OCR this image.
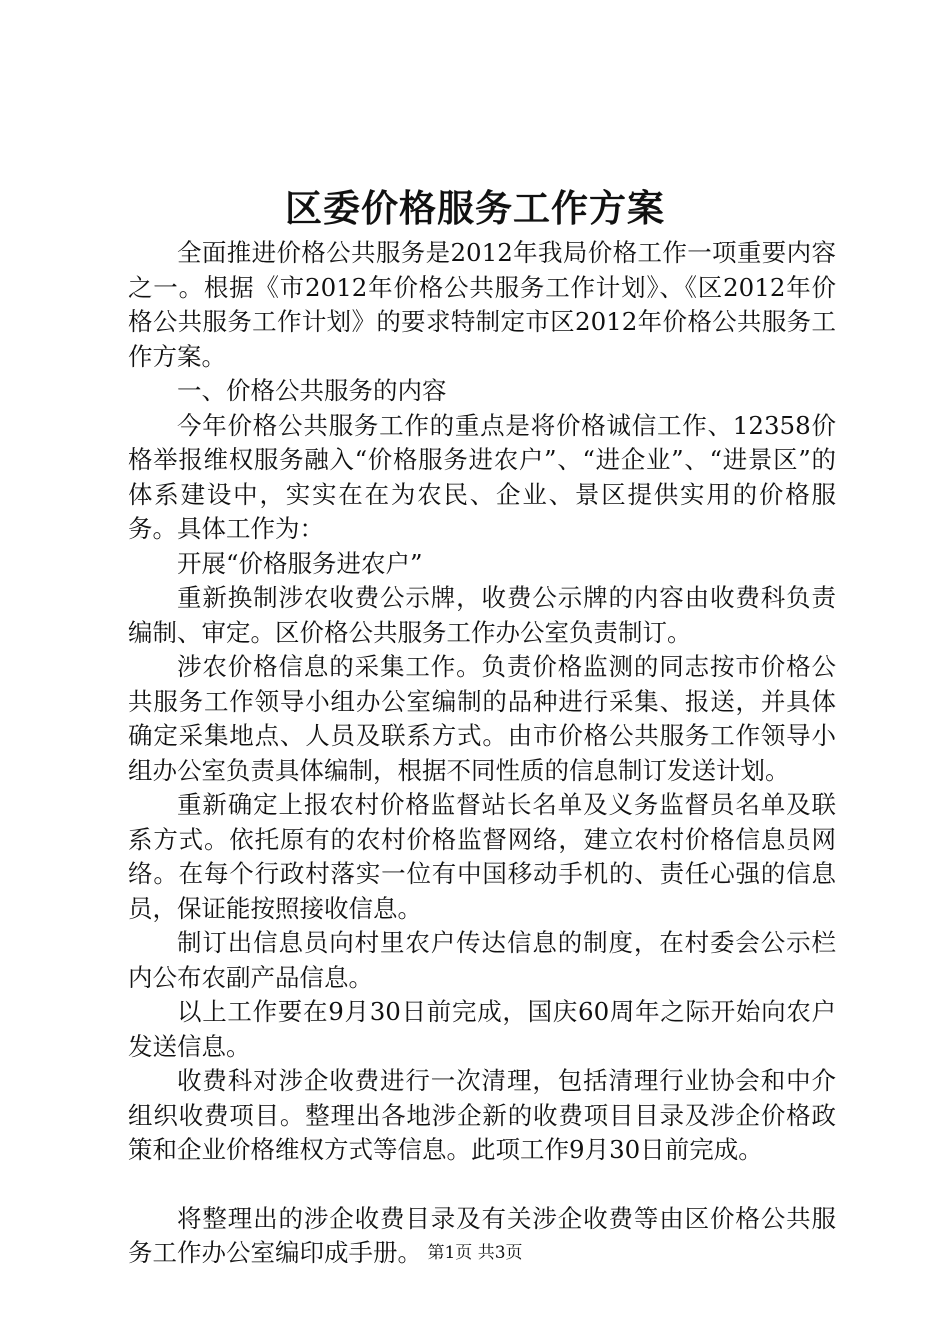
区委价格服务工作方案

全面推进价格公共服务是2012年我局价格工作一项重要内容之一。根据《市2012年价格公共服务工作计划》、《区2012年价格公共服务工作计划》的要求特制定市区2012年价格公共服务工作方案。

一、价格公共服务的内容

今年价格公共服务工作的重点是将价格诚信工作、12358价格举报维权服务融入“价格服务进农户”、“进企业”、“进景区”的体系建设中，实实在在为农民、企业、景区提供实用的价格服务。具体工作为：

开展“价格服务进农户”

重新换制涉农收费公示牌，收费公示牌的内容由收费科负责编制、审定。区价格公共服务工作办公室负责制订。

涉农价格信息的采集工作。负责价格监测的同志按市价格公共服务工作领导小组办公室编制的品种进行采集、报送，并具体确定采集地点、人员及联系方式。由市价格公共服务工作领导小组办公室负责具体编制，根据不同性质的信息制订发送计划。

重新确定上报农村价格监督站长名单及义务监督员名单及联系方式。依托原有的农村价格监督网络，建立农村价格信息员网络。在每个行政村落实一位有中国移动手机的、责任心强的信息员，保证能按照接收信息。

制订出信息员向村里农户传达信息的制度，在村委会公示栏内公布农副产品信息。

以上工作要在9月30日前完成，国庆60周年之际开始向农户发送信息。

收费科对涉企收费进行一次清理，包括清理行业协会和中介组织收费项目。整理出各地涉企新的收费项目目录及涉企价格政策和企业价格维权方式等信息。此项工作9月30日前完成。

将整理出的涉企收费目录及有关涉企收费等由区价格公共服务工作办公室编印成手册。 第1页 共3页
